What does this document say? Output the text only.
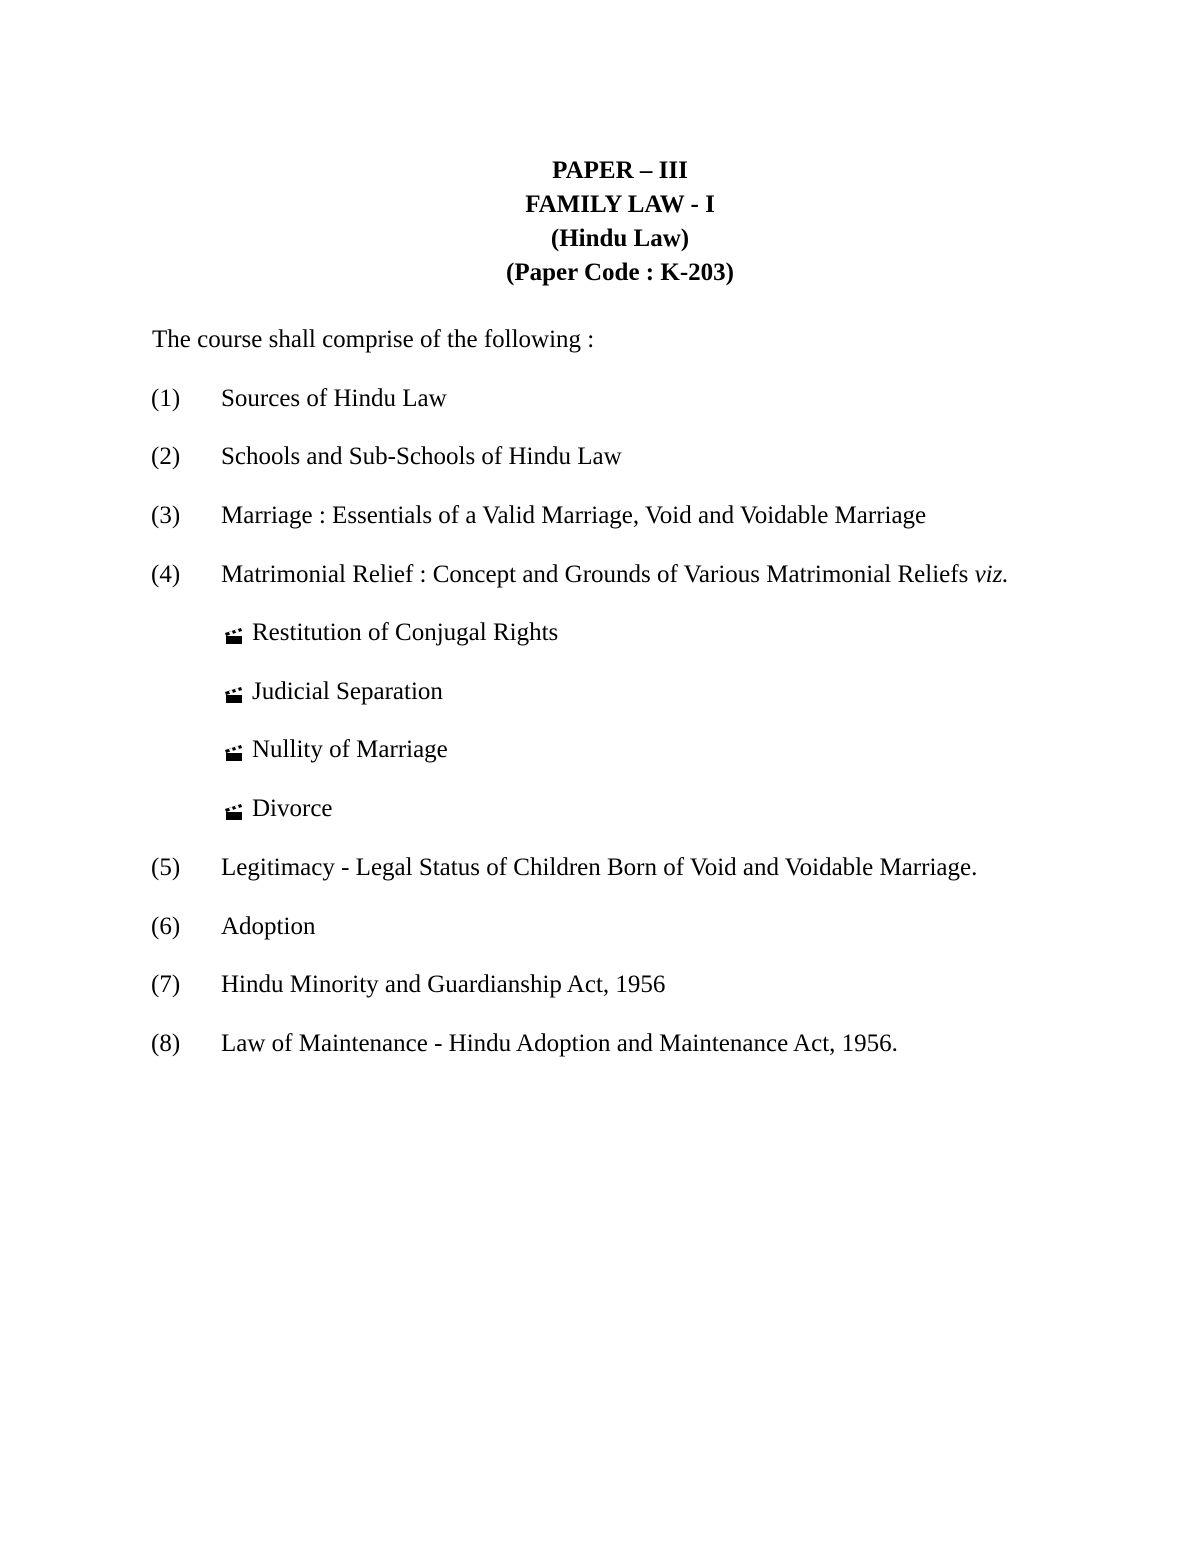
PAPER – III
FAMILY LAW - I
(Hindu Law)
(Paper Code : K-203)
The course shall comprise of the following :
(1) Sources of Hindu Law
(2) Schools and Sub-Schools of Hindu Law
(3) Marriage : Essentials of a Valid Marriage, Void and Voidable Marriage
(4) Matrimonial Relief : Concept and Grounds of Various Matrimonial Reliefs viz.
Restitution of Conjugal Rights
Judicial Separation
Nullity of Marriage
Divorce
(5) Legitimacy - Legal Status of Children Born of Void and Voidable Marriage.
(6) Adoption
(7) Hindu Minority and Guardianship Act, 1956
(8) Law of Maintenance - Hindu Adoption and Maintenance Act, 1956.
